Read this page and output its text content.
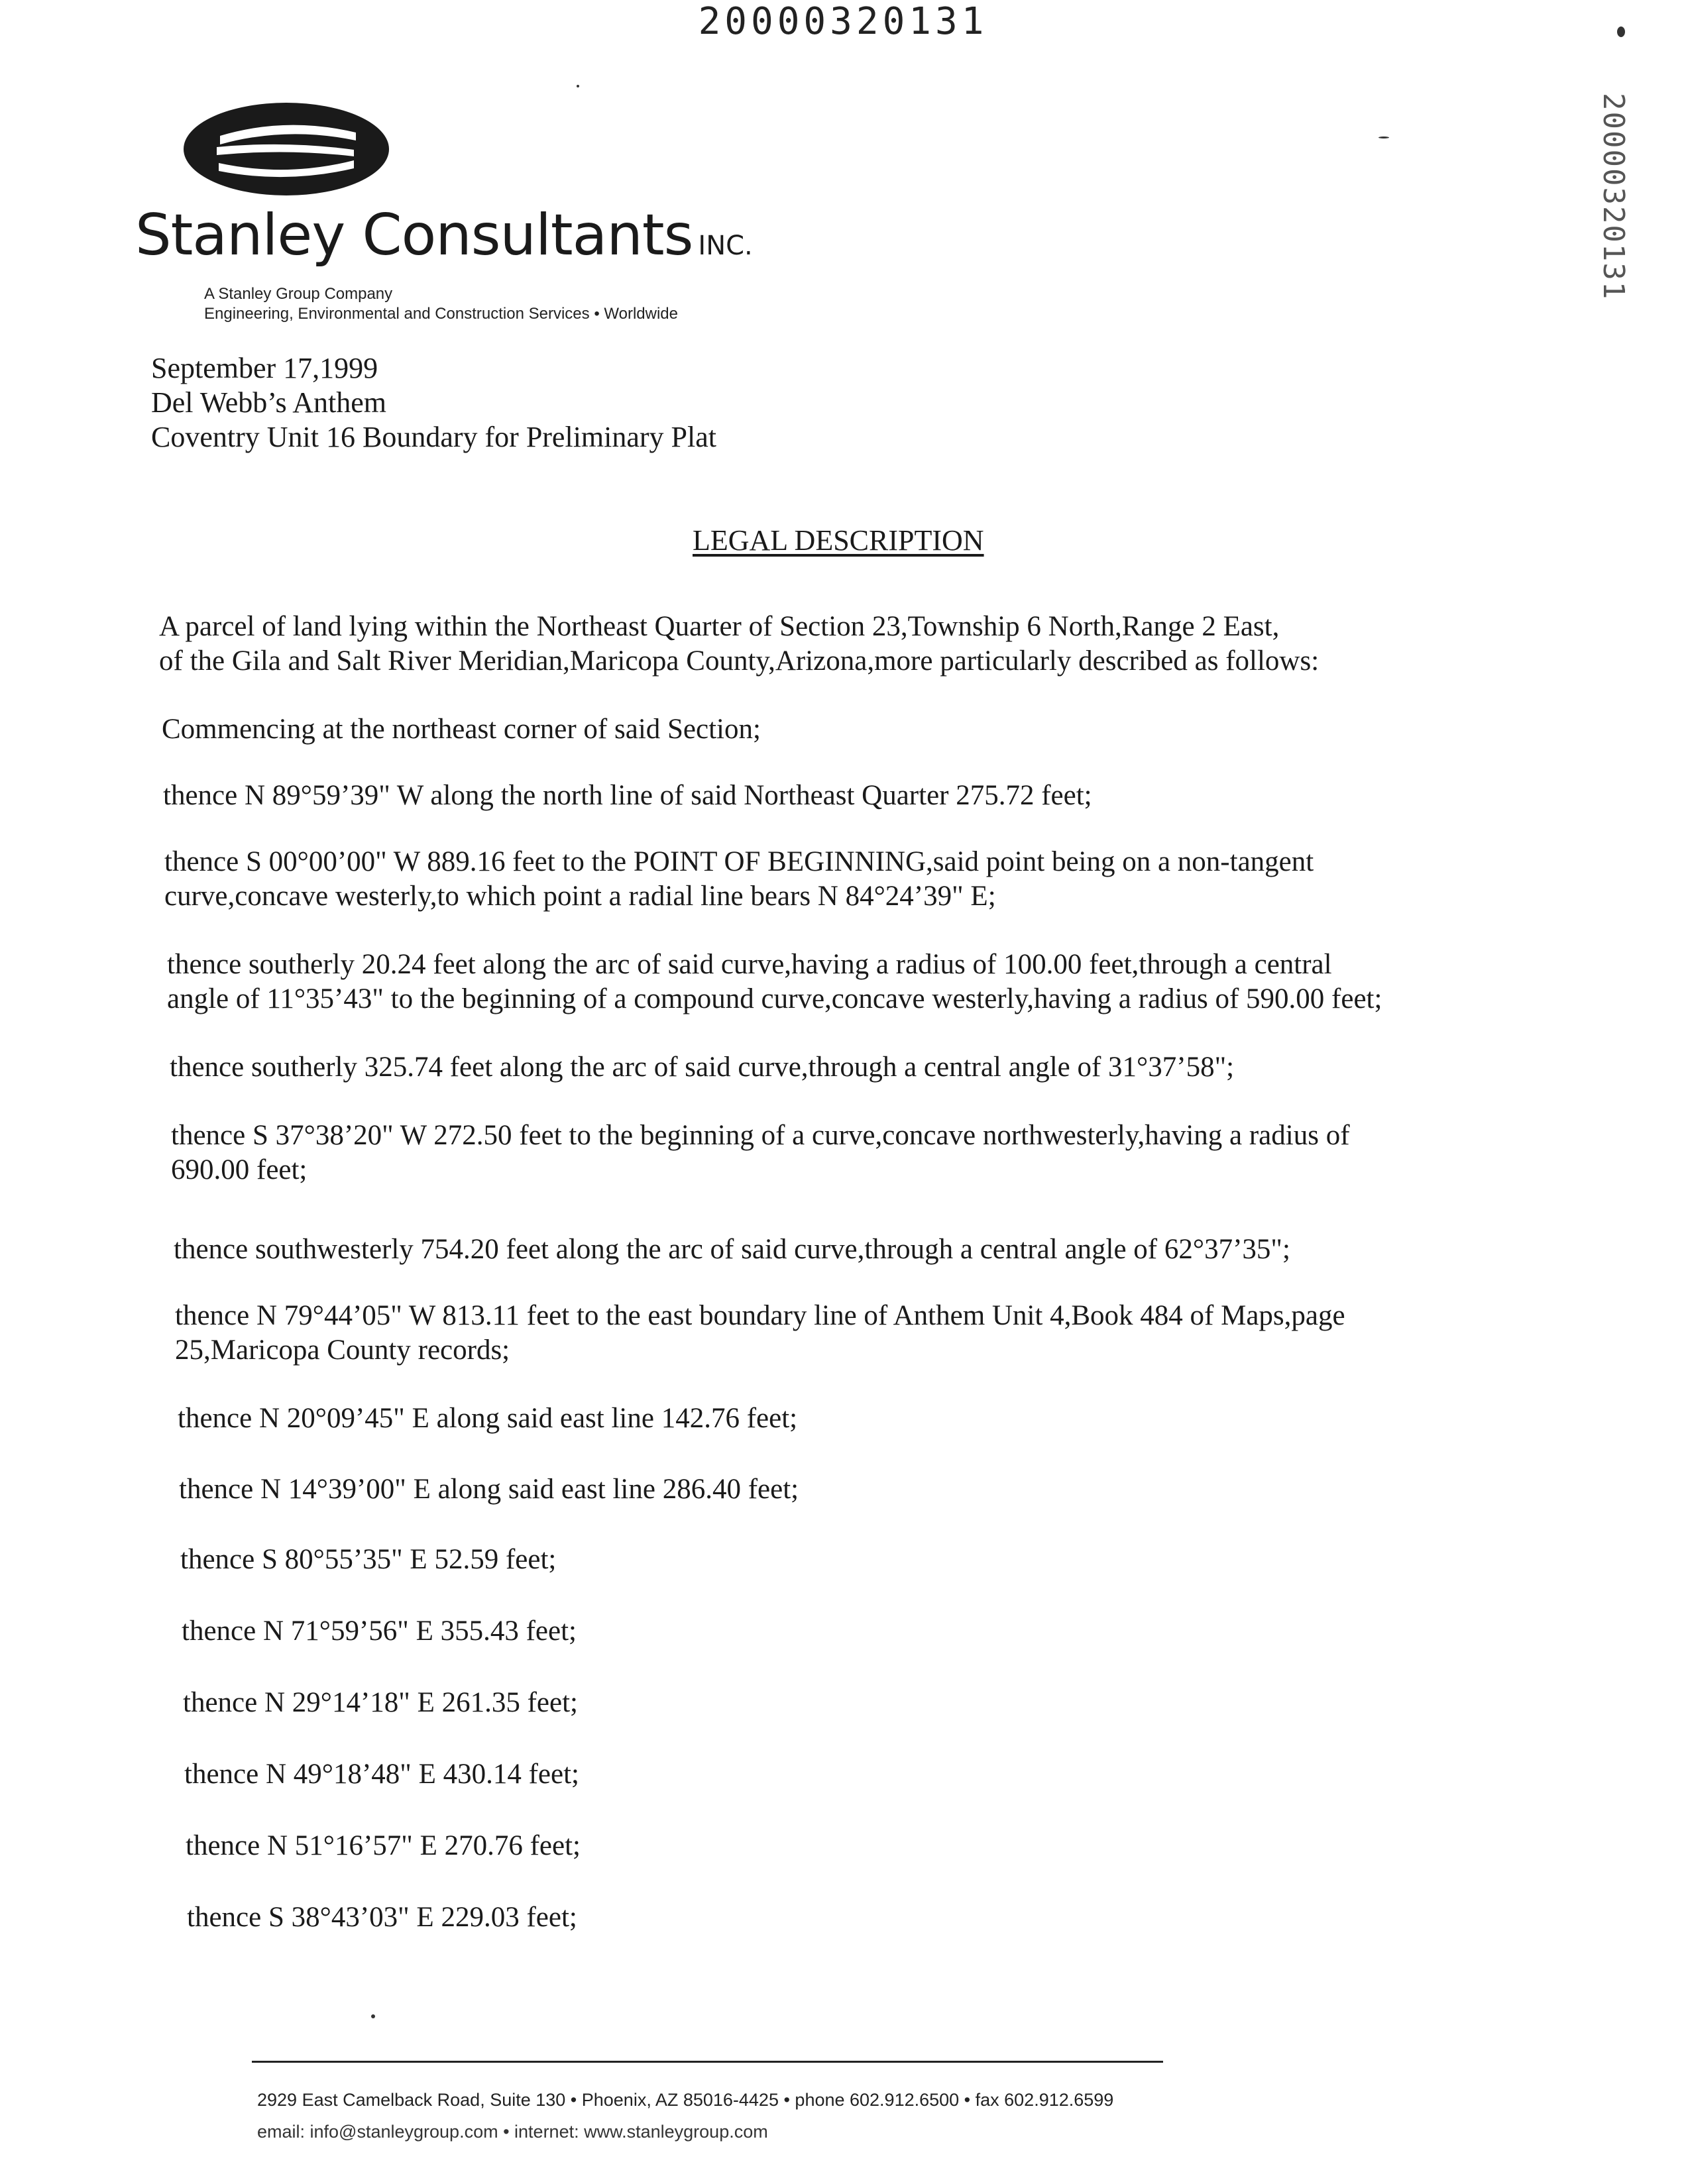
20000320131
20000320131
Stanley Consultants INC.
A Stanley Group Company
Engineering, Environmental and Construction Services • Worldwide
September 17,1999
Del Webb’s Anthem
Coventry Unit 16 Boundary for Preliminary Plat
LEGAL DESCRIPTION
A parcel of land lying within the Northeast Quarter of Section 23,Township 6 North,Range 2 East,
of the Gila and Salt River Meridian,Maricopa County,Arizona,more particularly described as follows:
Commencing at the northeast corner of said Section;
thence N 89°59’39" W along the north line of said Northeast Quarter 275.72 feet;
thence S 00°00’00" W 889.16 feet to the POINT OF BEGINNING,said point being on a non-tangent
curve,concave westerly,to which point a radial line bears N 84°24’39" E;
thence southerly 20.24 feet along the arc of said curve,having a radius of 100.00 feet,through a central
angle of 11°35’43" to the beginning of a compound curve,concave westerly,having a radius of 590.00 feet;
thence southerly 325.74 feet along the arc of said curve,through a central angle of 31°37’58";
thence S 37°38’20" W 272.50 feet to the beginning of a curve,concave northwesterly,having a radius of
690.00 feet;
thence southwesterly 754.20 feet along the arc of said curve,through a central angle of 62°37’35";
thence N 79°44’05" W 813.11 feet to the east boundary line of Anthem Unit 4,Book 484 of Maps,page
25,Maricopa County records;
thence N 20°09’45" E along said east line 142.76 feet;
thence N 14°39’00" E along said east line 286.40 feet;
thence S 80°55’35" E 52.59 feet;
thence N 71°59’56" E 355.43 feet;
thence N 29°14’18" E 261.35 feet;
thence N 49°18’48" E 430.14 feet;
thence N 51°16’57" E 270.76 feet;
thence S 38°43’03" E 229.03 feet;
2929 East Camelback Road, Suite 130 • Phoenix, AZ 85016-4425 • phone 602.912.6500 • fax 602.912.6599
email: info@stanleygroup.com • internet: www.stanleygroup.com
